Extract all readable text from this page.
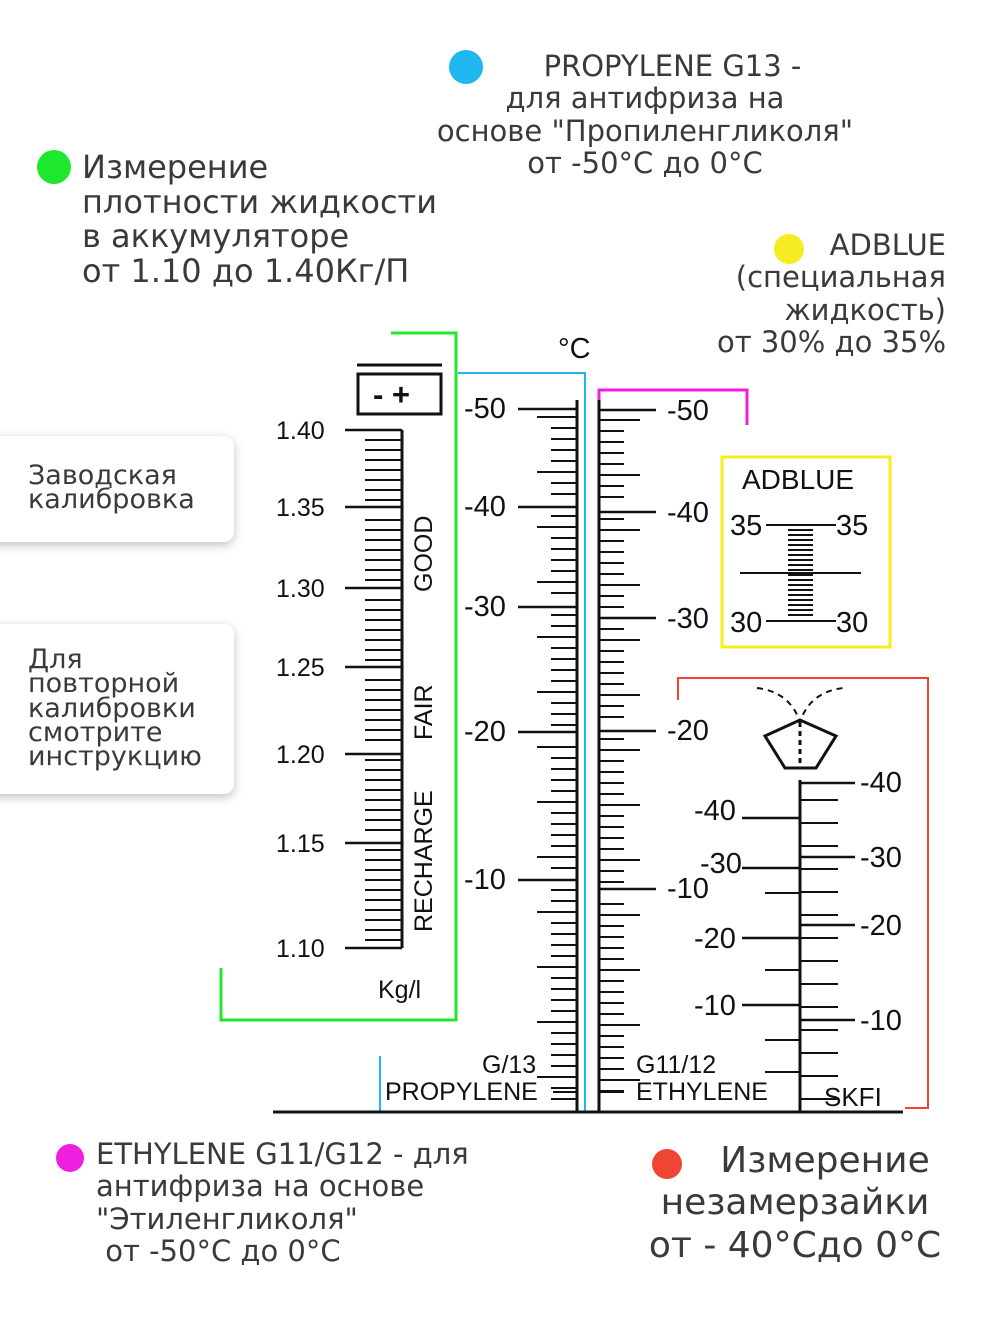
PROPYLENE G13 -
для антифриза на
основе "Пропиленгликоля"
от -50°C до 0°C
Измерение
плотности жидкости
в аккумуляторе
от 1.10 до 1.40Кг/П
ADBLUE
(специальная
жидкость)
от 30% до 35%
Заводская
калибровка
Для
повторной
калибровки
смотрите
инструкцию
°C
- +
1.40
1.35
1.30
1.25
1.20
1.15
1.10
GOOD
FAIR
RECHARGE
Kg/l
-50
-40
-30
-20
-10
G/13
PROPYLENE
-50
-40
-30
-20
-10
G11/12
ETHYLENE
ADBLUE
35	35
30	30
-40
-30
-20
-10
-40
-30
-20
-10
SKFI
ETHYLENE G11/G12 - для
антифриза на основе
"Этиленгликоля"
от -50°C до 0°C
Измерение
незамерзайки
от - 40°Cдо 0°C
